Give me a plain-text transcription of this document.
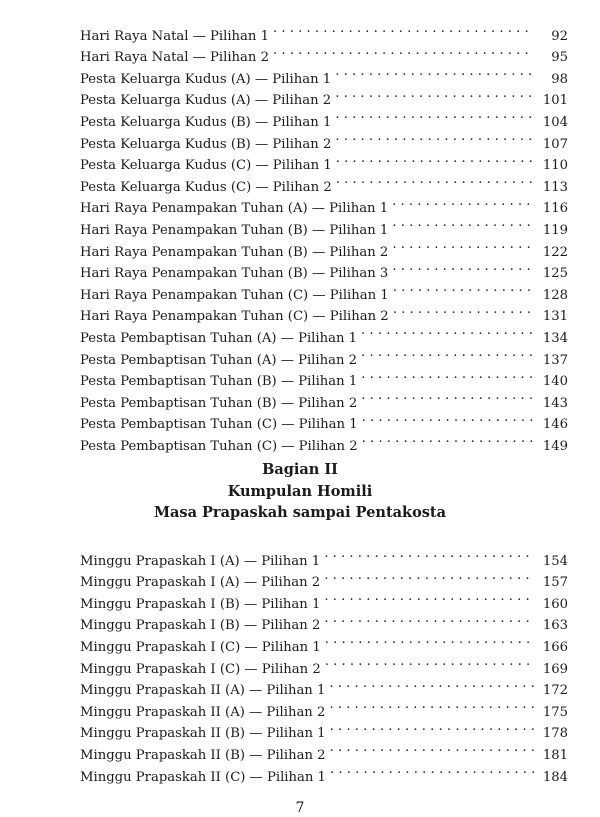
Hari Raya Natal — Pilihan 1 . . .	92
Hari Raya Natal — Pilihan 2 . . .	95
Pesta Keluarga Kudus (A) — Pilihan 1 . . .	98
Pesta Keluarga Kudus (A) — Pilihan 2 . . .	101
Pesta Keluarga Kudus (B) — Pilihan 1 . . .	104
Pesta Keluarga Kudus (B) — Pilihan 2 . . .	107
Pesta Keluarga Kudus (C) — Pilihan 1 . . .	110
Pesta Keluarga Kudus (C) — Pilihan 2 . . .	113
Hari Raya Penampakan Tuhan (A) — Pilihan 1 . . .	116
Hari Raya Penampakan Tuhan (B) — Pilihan 1 . . .	119
Hari Raya Penampakan Tuhan (B) — Pilihan 2 . . .	122
Hari Raya Penampakan Tuhan (B) — Pilihan 3 . . .	125
Hari Raya Penampakan Tuhan (C) — Pilihan 1 . . .	128
Hari Raya Penampakan Tuhan (C) — Pilihan 2 . . .	131
Pesta Pembaptisan Tuhan (A) — Pilihan 1 . . .	134
Pesta Pembaptisan Tuhan (A) — Pilihan 2 . . .	137
Pesta Pembaptisan Tuhan (B) — Pilihan 1 . . .	140
Pesta Pembaptisan Tuhan (B) — Pilihan 2 . . .	143
Pesta Pembaptisan Tuhan (C) — Pilihan 1 . . .	146
Pesta Pembaptisan Tuhan (C) — Pilihan 2 . . .	149
Bagian II
Kumpulan Homili
Masa Prapaskah sampai Pentakosta
Minggu Prapaskah I (A) — Pilihan 1 . . .	154
Minggu Prapaskah I (A) — Pilihan 2 . . .	157
Minggu Prapaskah I (B) — Pilihan 1 . . .	160
Minggu Prapaskah I (B) — Pilihan 2 . . .	163
Minggu Prapaskah I (C) — Pilihan 1 . . .	166
Minggu Prapaskah I (C) — Pilihan 2 . . .	169
Minggu Prapaskah II (A) — Pilihan 1 . . .	172
Minggu Prapaskah II (A) — Pilihan 2 . . .	175
Minggu Prapaskah II (B) — Pilihan 1 . . .	178
Minggu Prapaskah II (B) — Pilihan 2 . . .	181
Minggu Prapaskah II (C) — Pilihan 1 . . .	184
7
